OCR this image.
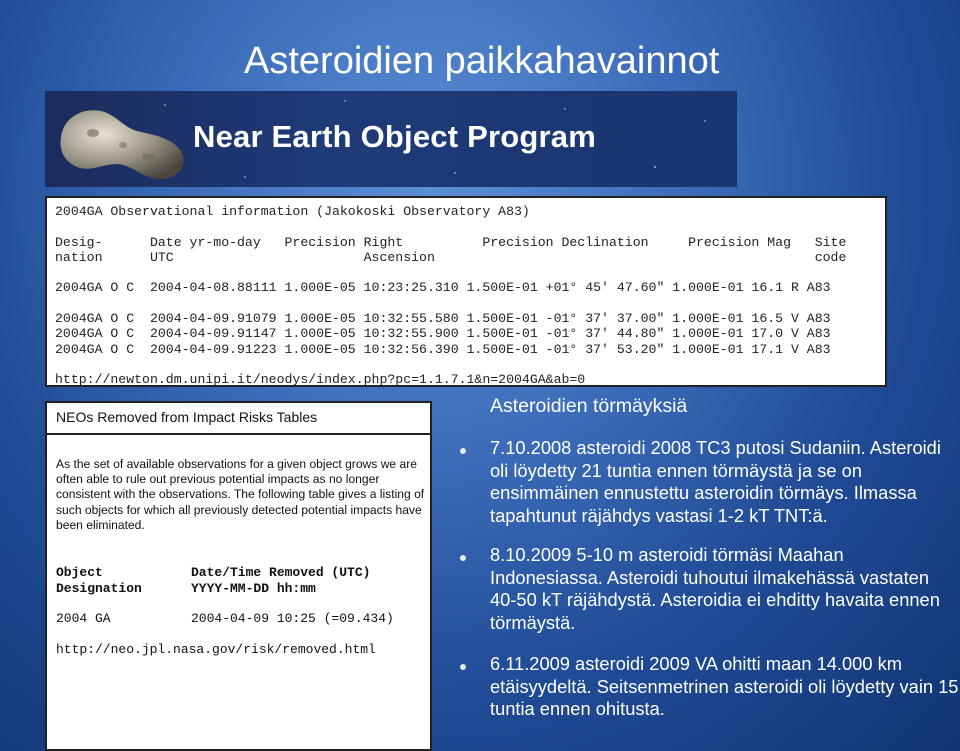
Asteroidien paikkahavainnot
Near Earth Object Program
2004GA Observational information (Jakokoski Observatory A83)

Desig-      Date yr-mo-day   Precision Right          Precision Declination     Precision Mag   Site
nation      UTC                        Ascension                                                code

2004GA O C  2004-04-08.88111 1.000E-05 10:23:25.310 1.500E-01 +01° 45' 47.60" 1.000E-01 16.1 R A83

2004GA O C  2004-04-09.91079 1.000E-05 10:32:55.580 1.500E-01 -01° 37' 37.00" 1.000E-01 16.5 V A83
2004GA O C  2004-04-09.91147 1.000E-05 10:32:55.900 1.500E-01 -01° 37' 44.80" 1.000E-01 17.0 V A83
2004GA O C  2004-04-09.91223 1.000E-05 10:32:56.390 1.500E-01 -01° 37' 53.20" 1.000E-01 17.1 V A83

http://newton.dm.unipi.it/neodys/index.php?pc=1.1.7.1&n=2004GA&ab=0
NEOs Removed from Impact Risks Tables
As the set of available observations for a given object grows we are often able to rule out previous potential impacts as no longer consistent with the observations. The following table gives a listing of such objects for which all previously detected potential impacts have been eliminated.
Object	Date/Time Removed (UTC)
Designation	YYYY-MM-DD hh:mm
2004 GA	2004-04-09 10:25 (=09.434)
http://neo.jpl.nasa.gov/risk/removed.html
Asteroidien törmäyksiä
7.10.2008 asteroidi 2008 TC3 putosi Sudaniin. Asteroidi oli löydetty 21 tuntia ennen törmäystä ja se on ensimmäinen ennustettu asteroidin törmäys. Ilmassa tapahtunut räjähdys vastasi 1-2 kT TNT:ä.
8.10.2009 5-10 m asteroidi törmäsi Maahan Indonesiassa. Asteroidi tuhoutui ilmakehässä vastaten 40-50 kT räjähdystä. Asteroidia ei ehditty havaita ennen törmäystä.
6.11.2009 asteroidi 2009 VA ohitti maan 14.000 km etäisyydeltä. Seitsenmetrinen asteroidi oli löydetty vain 15 tuntia ennen ohitusta.
